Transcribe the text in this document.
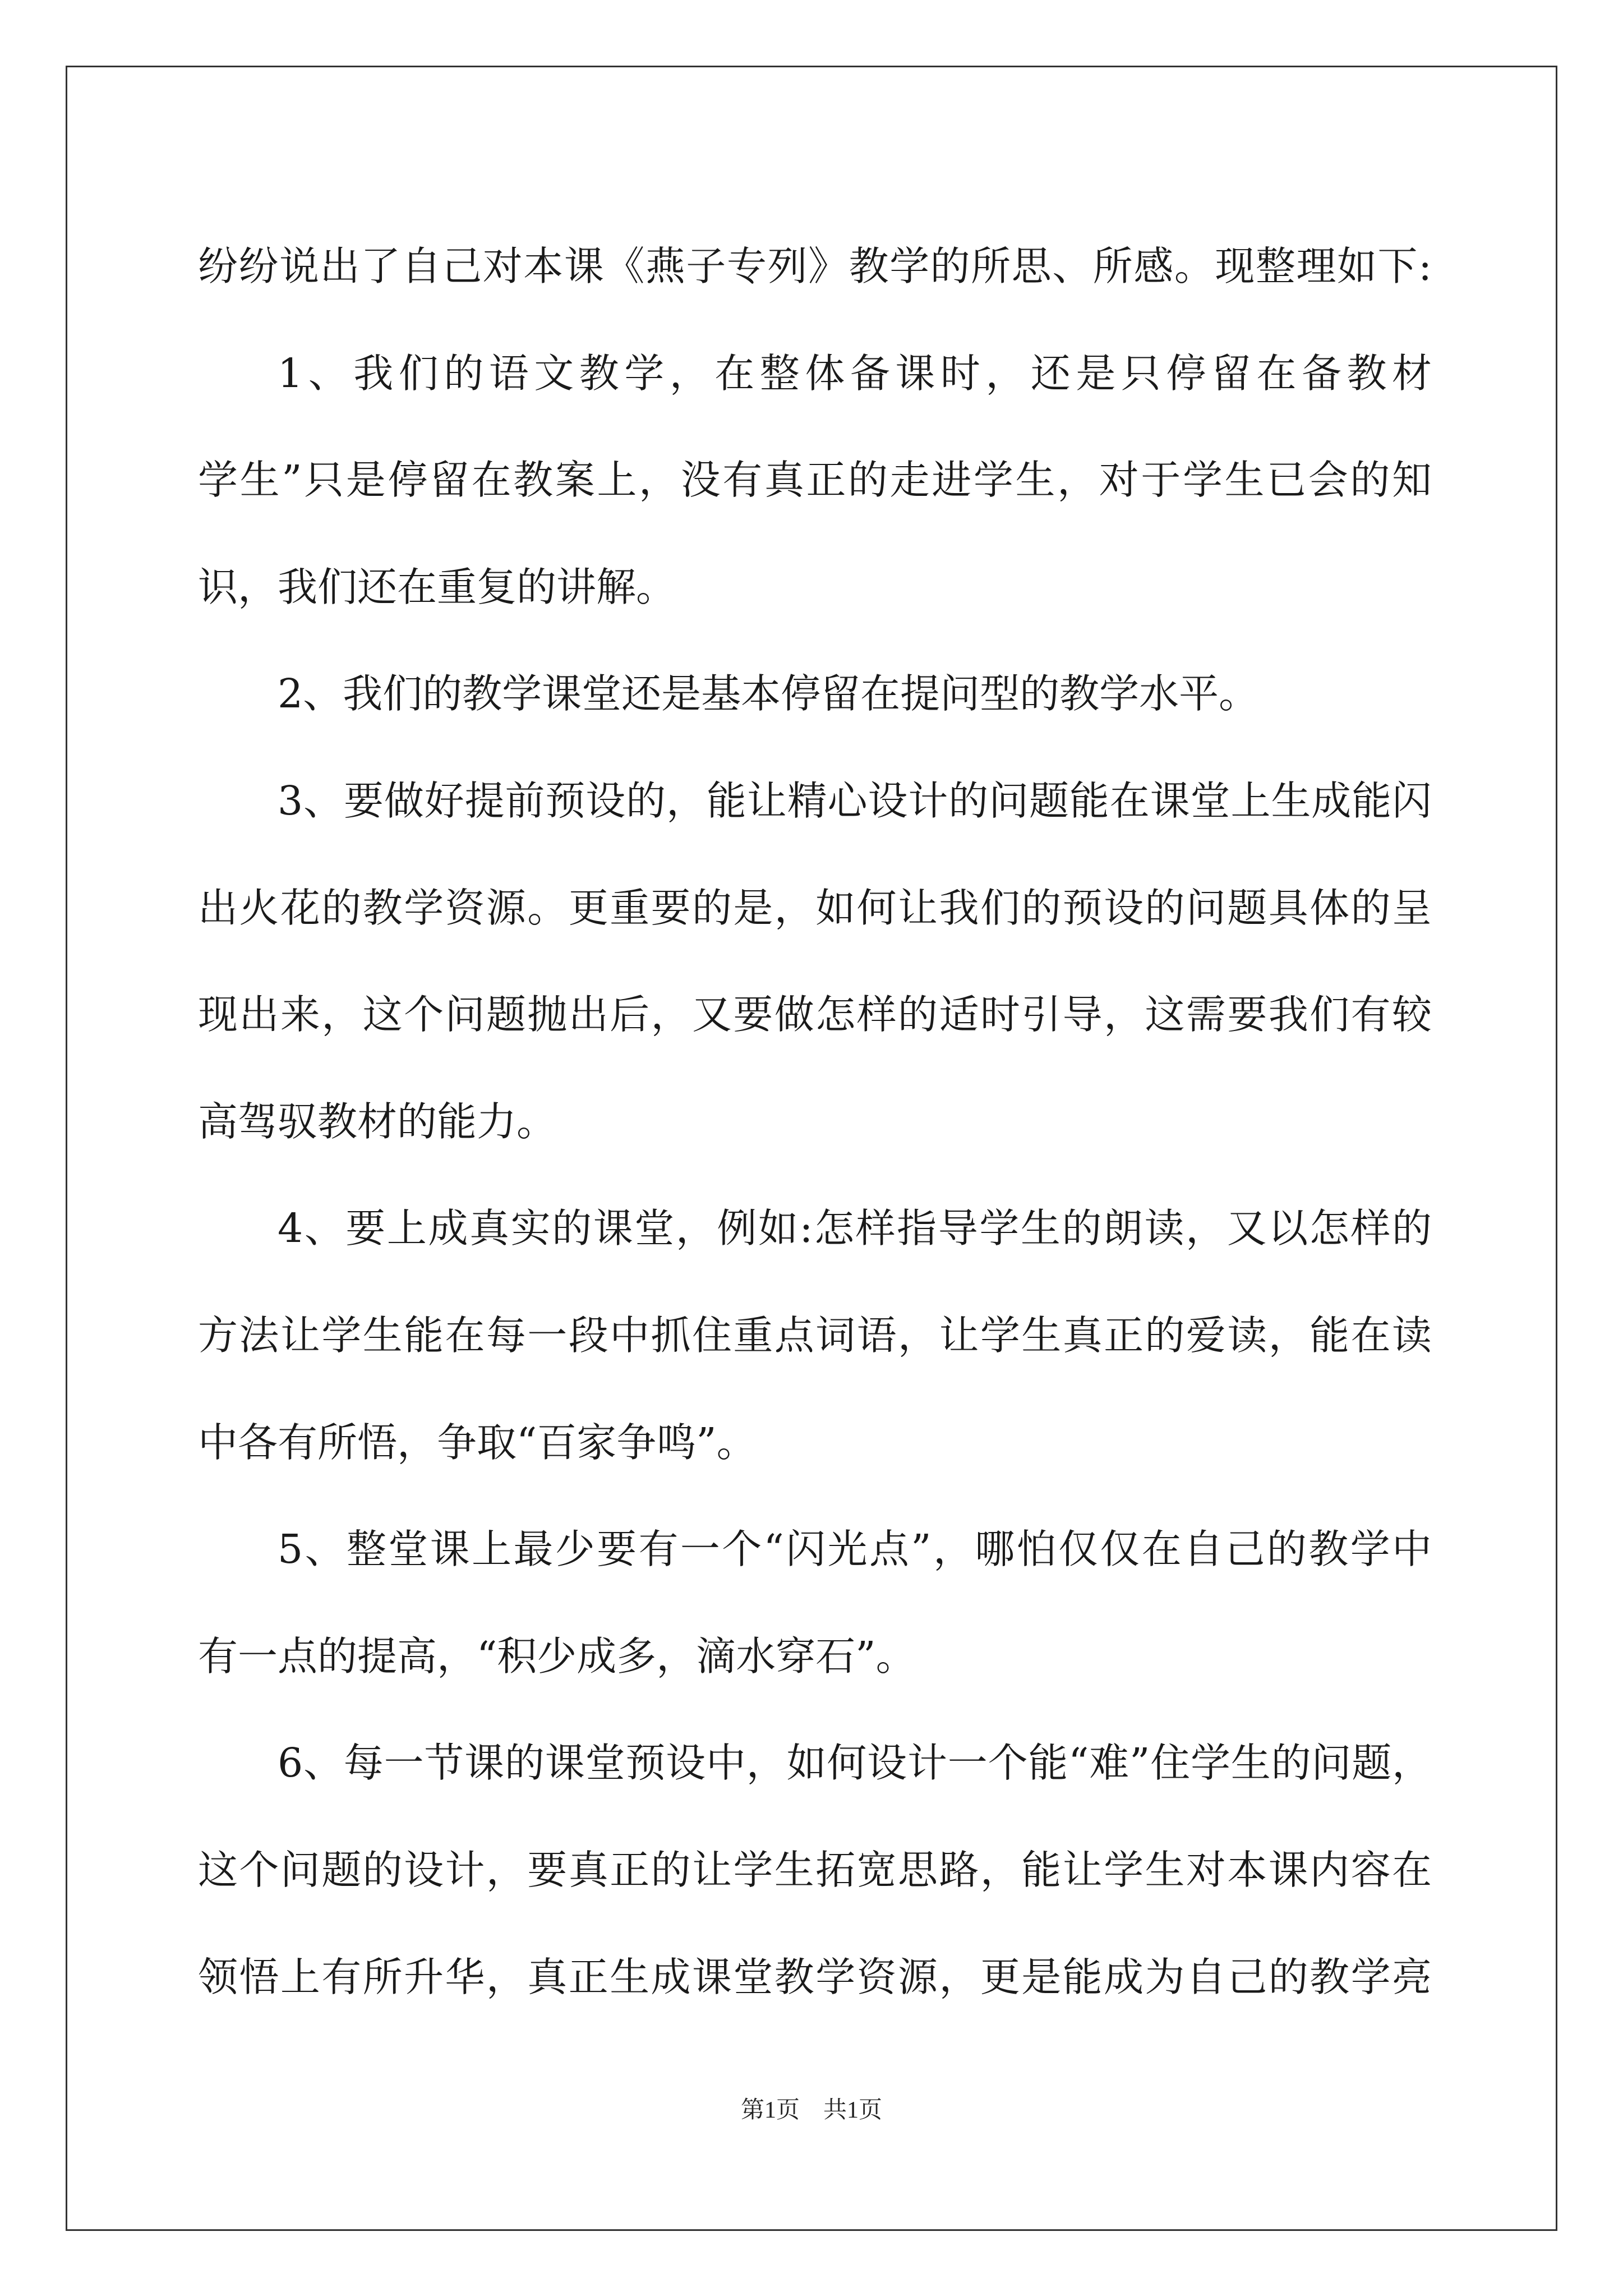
纷纷说出了自己对本课《燕子专列》教学的所思、所感。现整理如下:
1、我们的语文教学，在整体备课时，还是只停留在备教材
学生”只是停留在教案上，没有真正的走进学生，对于学生已会的知
识，我们还在重复的讲解。
2、我们的教学课堂还是基本停留在提问型的教学水平。
3、要做好提前预设的，能让精心设计的问题能在课堂上生成能闪
出火花的教学资源。更重要的是，如何让我们的预设的问题具体的呈
现出来，这个问题抛出后，又要做怎样的适时引导，这需要我们有较
高驾驭教材的能力。
4、要上成真实的课堂，例如:怎样指导学生的朗读，又以怎样的
方法让学生能在每一段中抓住重点词语，让学生真正的爱读，能在读
中各有所悟，争取“百家争鸣”。
5、整堂课上最少要有一个“闪光点”，哪怕仅仅在自己的教学中
有一点的提高，“积少成多，滴水穿石”。
6、每一节课的课堂预设中，如何设计一个能“难”住学生的问题，
这个问题的设计，要真正的让学生拓宽思路，能让学生对本课内容在
领悟上有所升华，真正生成课堂教学资源，更是能成为自己的教学亮
第1页　共1页
